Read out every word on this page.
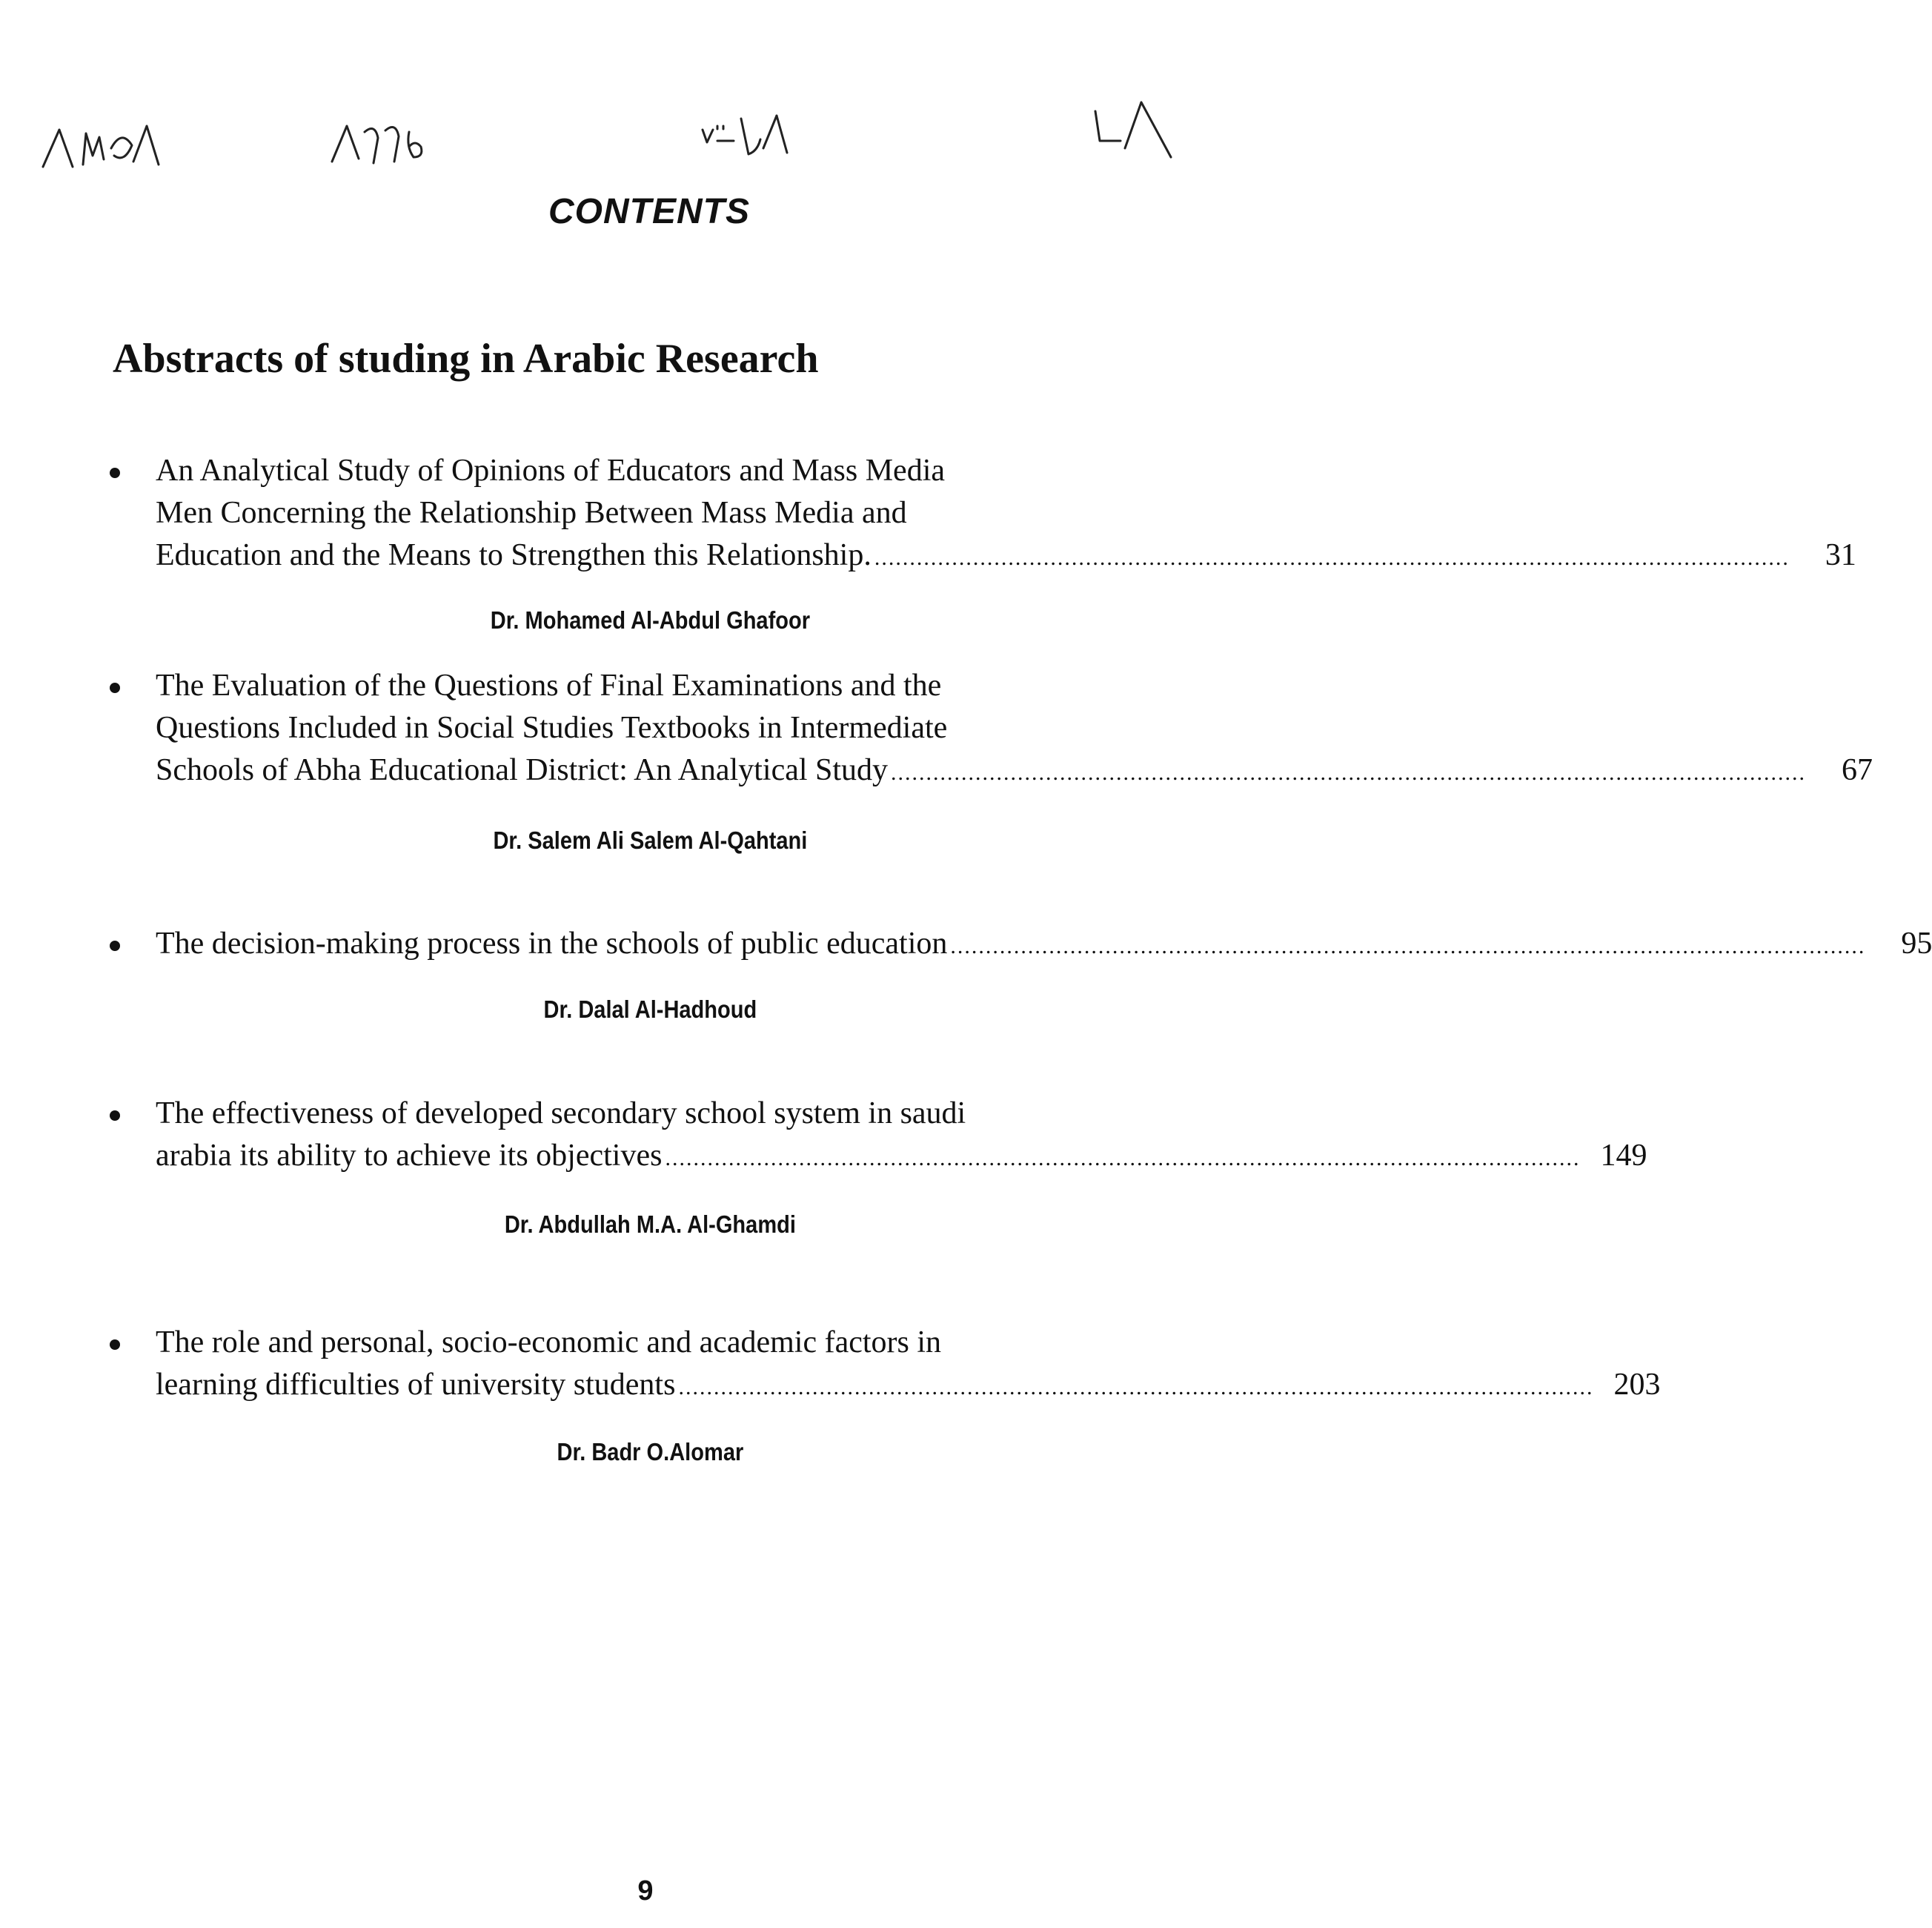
CONTENTS
Abstracts of studing in Arabic Research
An Analytical Study of Opinions of Educators and Mass Media
Men Concerning the Relationship Between Mass Media and
Education and the Means to Strengthen this Relationship. ..................................................................................................................................	31
Dr. Mohamed Al-Abdul Ghafoor
The Evaluation of the Questions of Final Examinations and the
Questions Included in Social Studies Textbooks in Intermediate
Schools of Abha Educational District: An Analytical Study ..................................................................................................................................	67
Dr. Salem Ali Salem Al-Qahtani
The decision-making process in the schools of public education ..................................................................................................................................	95
Dr. Dalal Al-Hadhoud
The effectiveness of developed secondary school system in saudi
arabia its ability to achieve its objectives .................................................................................................................................. 149
Dr. Abdullah M.A. Al-Ghamdi
The role and personal, socio-economic and academic factors in
learning difficulties of university students .................................................................................................................................. 203
Dr. Badr O.Alomar
9
